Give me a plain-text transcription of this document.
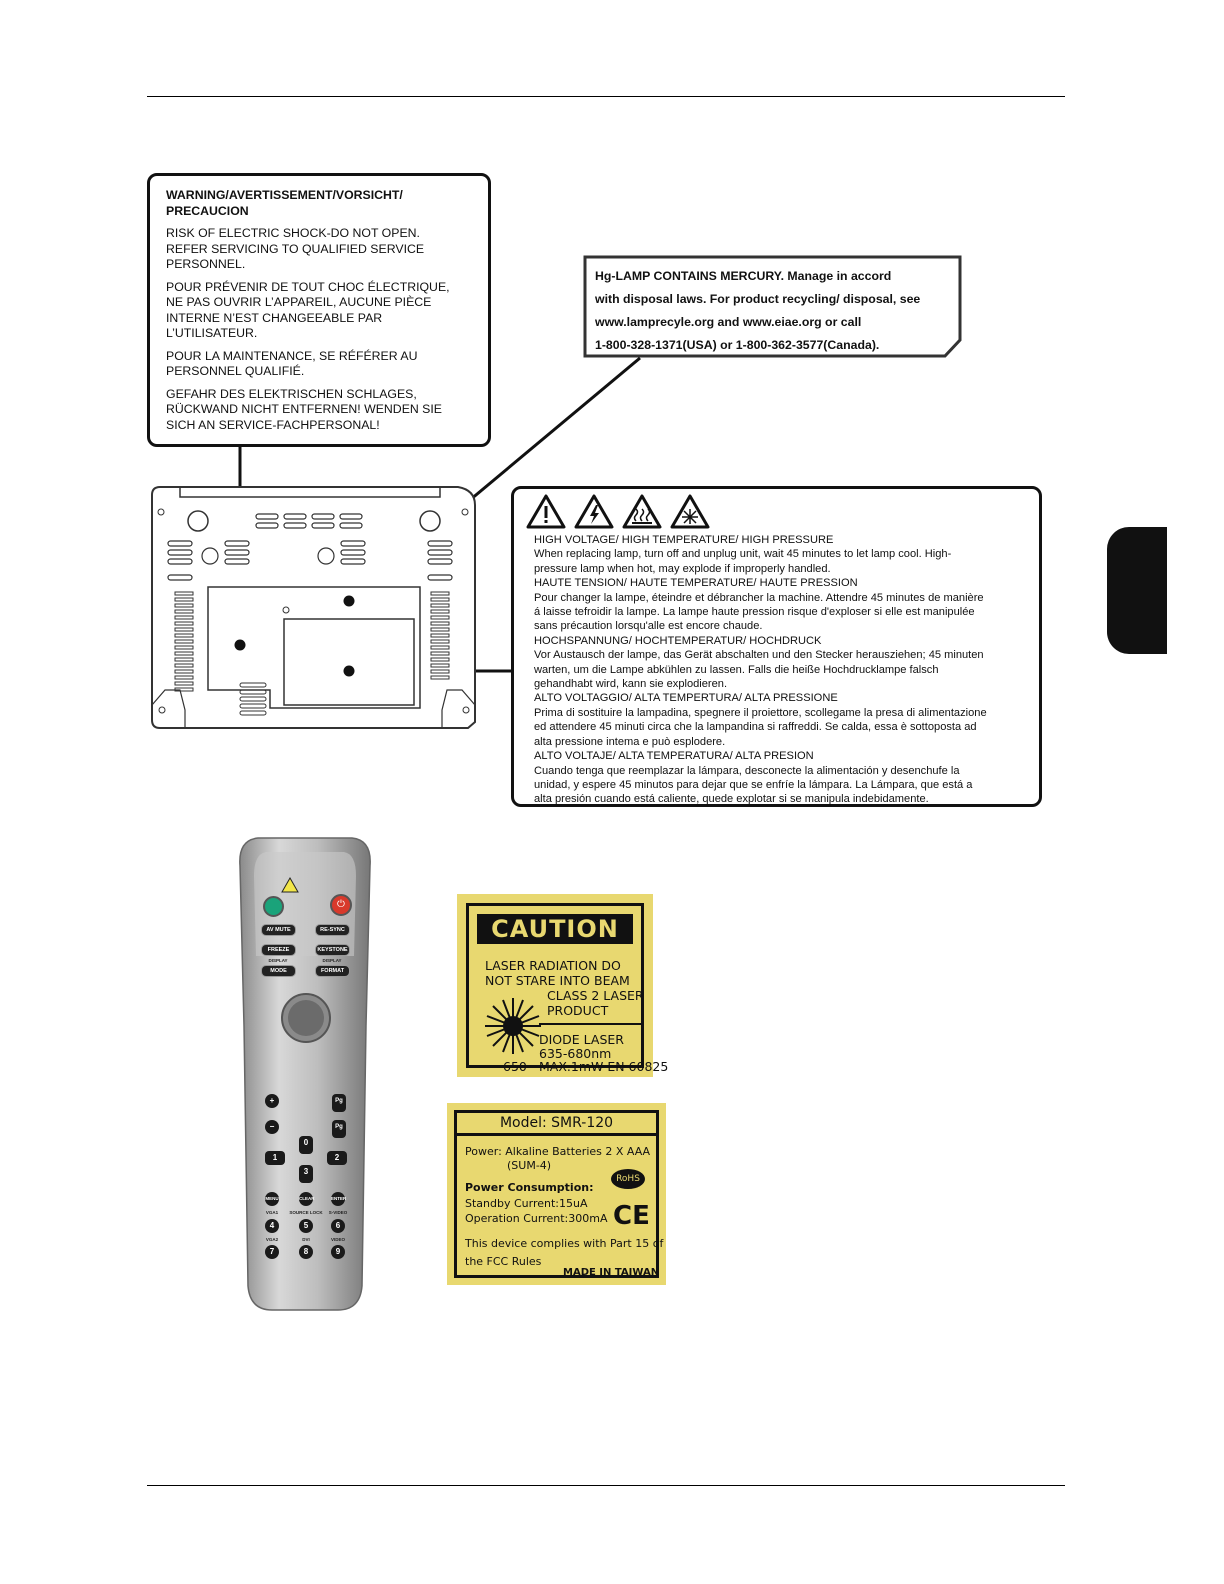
WARNING/AVERTISSEMENT/VORSICHT/
PRECAUCION

RISK OF ELECTRIC SHOCK-DO NOT OPEN.
REFER SERVICING TO QUALIFIED SERVICE
PERSONNEL.

POUR PRÉVENIR DE TOUT CHOC ÉLECTRIQUE,
NE PAS OUVRIR L’APPAREIL, AUCUNE PIÈCE
INTERNE N’EST CHANGEEABLE PAR
L’UTILISATEUR.

POUR LA MAINTENANCE, SE RÉFÉRER AU
PERSONNEL QUALIFIÉ.

GEFAHR DES ELEKTRISCHEN SCHLAGES,
RÜCKWAND NICHT ENTFERNEN! WENDEN SIE
SICH AN SERVICE-FACHPERSONAL!

Hg-LAMP CONTAINS MERCURY. Manage in accord
with disposal laws. For product recycling/ disposal, see
www.lamprecyle.org and www.eiae.org or call
1-800-328-1371(USA) or 1-800-362-3577(Canada).

HIGH VOLTAGE/ HIGH TEMPERATURE/ HIGH PRESSURE

When replacing lamp, turn off and unplug unit, wait 45 minutes to let lamp cool. High-
pressure lamp when hot, may explode if improperly handled.

HAUTE TENSION/ HAUTE TEMPERATURE/ HAUTE PRESSION

Pour changer la lampe, éteindre et débrancher la machine. Attendre 45 minutes de manière
á laisse tefroidir la lampe. La lampe haute pression risque d'exploser si elle est manipulée
sans précaution lorsqu'alle est encore chaude.

HOCHSPANNUNG/ HOCHTEMPERATUR/ HOCHDRUCK

Vor Austausch der lampe, das Gerät abschalten und den Stecker herausziehen; 45 minuten
warten, um die Lampe abkühlen zu lassen. Falls die heiße Hochdrucklampe falsch
gehandhabt wird, kann sie explodieren.

ALTO VOLTAGGIO/ ALTA TEMPERTURA/ ALTA PRESSIONE

Prima di sostituire la lampadina, spegnere il proiettore, scollegame la presa di alimentazione
ed attendere 45 minuti circa che la lampandina si raffreddi. Se calda, essa è sottoposta ad
alta pressione intema e può esplodere.

ALTO VOLTAJE/ ALTA TEMPERATURA/ ALTA PRESION

Cuando tenga que reemplazar la lámpara, desconecte la alimentación y desenchufe la
unidad, y espere 45 minutos para dejar que se enfríe la lámpara. La Lámpara, que está a
alta presión cuando está caliente, quede explotar si se manipula indebidamente.

⏻
AV MUTE	RE-SYNC
FREEZE	KEYSTONE
DISPLAY	DISPLAY
MODE	FORMAT
+
−
Pg
Pg
0
1	2
3
MENU	CLEAR	ENTER
VGA1	SOURCE LOCK	S-VIDEO
4	5	6
VGA2	DVI	VIDEO
7	8	9
CAUTION
LASER RADIATION DO
NOT STARE INTO BEAM
CLASS 2 LASER
PRODUCT
DIODE LASER
635-680nm
650 MAX.1mW EN 60825
Model: SMR-120
Power: Alkaline Batteries 2 X AAA
(SUM-4)
RoHS
Power Consumption:
Standby Current:15uA
Operation Current:300mA CE
This device complies with Part 15 of
the FCC Rules
MADE IN TAIWAN
